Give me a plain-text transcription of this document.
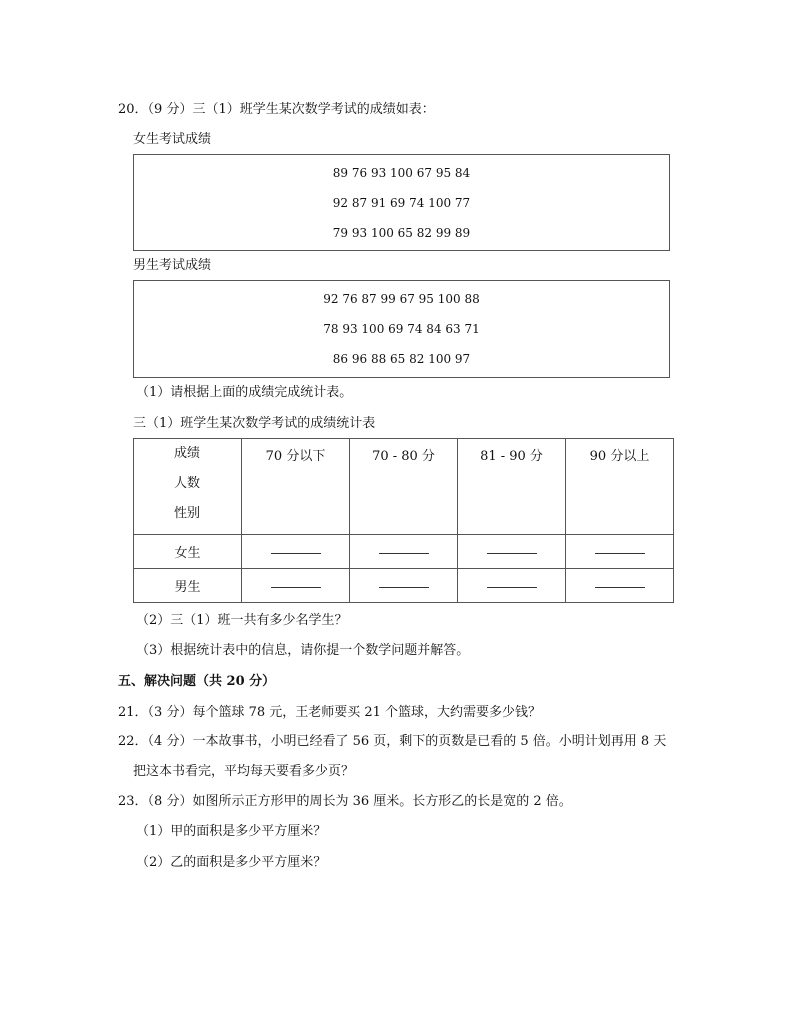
20．（9 分）三（1）班学生某次数学考试的成绩如表：
女生考试成绩
89 76 93 100 67 95 84
92 87 91 69 74 100 77
79 93 100 65 82 99 89
男生考试成绩
92 76 87 99 67 95 100 88
78 93 100 69 74 84 63 71
86 96 88 65 82 100 97
（1）请根据上面的成绩完成统计表。
三（1）班学生某次数学考试的成绩统计表
成绩
人数
性别	70 分以下	70 - 80 分	81 - 90 分	90 分以上
女生	

男生	

（2）三（1）班一共有多少名学生？
（3）根据统计表中的信息，请你提一个数学问题并解答。
五、解决问题（共 20 分）
21．（3 分）每个篮球 78 元，王老师要买 21 个篮球，大约需要多少钱？
22．（4 分）一本故事书，小明已经看了 56 页，剩下的页数是已看的 5 倍。小明计划再用 8 天
把这本书看完，平均每天要看多少页？
23．（8 分）如图所示正方形甲的周长为 36 厘米。长方形乙的长是宽的 2 倍。
（1）甲的面积是多少平方厘米？
（2）乙的面积是多少平方厘米？
